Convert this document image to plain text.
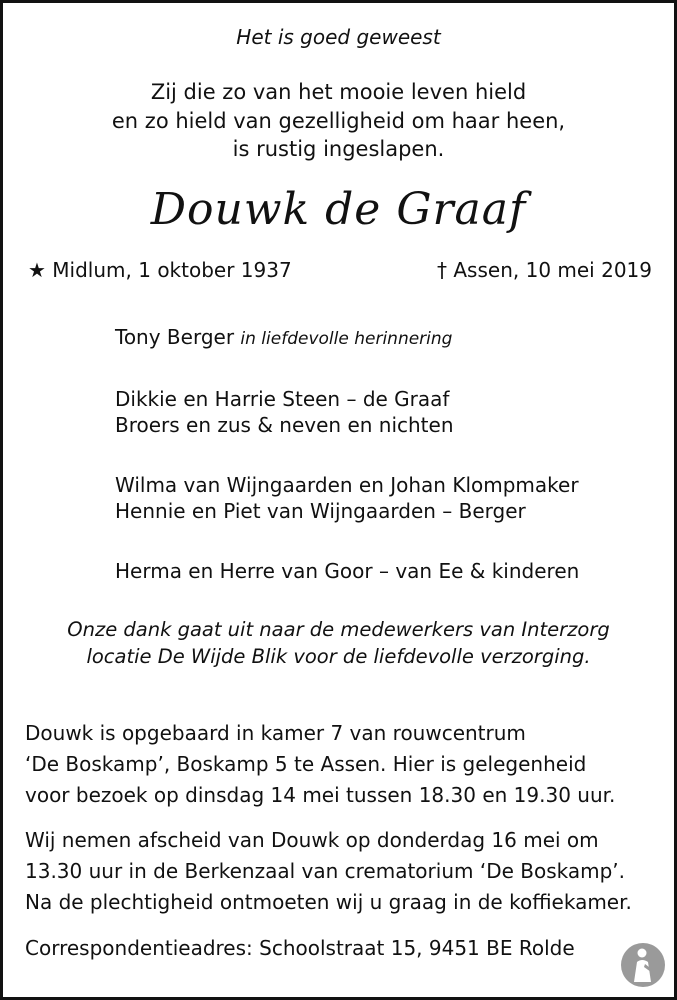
Het is goed geweest
Zij die zo van het mooie leven hield
en zo hield van gezelligheid om haar heen,
is rustig ingeslapen.
Douwk de Graaf
★ Midlum, 1 oktober 1937	† Assen, 10 mei 2019
Tony Berger in liefdevolle herinnering
Dikkie en Harrie Steen – de Graaf
Broers en zus & neven en nichten
Wilma van Wijngaarden en Johan Klompmaker
Hennie en Piet van Wijngaarden – Berger
Herma en Herre van Goor – van Ee & kinderen
Onze dank gaat uit naar de medewerkers van Interzorg
locatie De Wijde Blik voor de liefdevolle verzorging.
Douwk is opgebaard in kamer 7 van rouwcentrum
‘De Boskamp’, Boskamp 5 te Assen. Hier is gelegenheid
voor bezoek op dinsdag 14 mei tussen 18.30 en 19.30 uur.
Wij nemen afscheid van Douwk op donderdag 16 mei om
13.30 uur in de Berkenzaal van crematorium ‘De Boskamp’.
Na de plechtigheid ontmoeten wij u graag in de koffiekamer.
Correspondentieadres: Schoolstraat 15, 9451 BE Rolde
